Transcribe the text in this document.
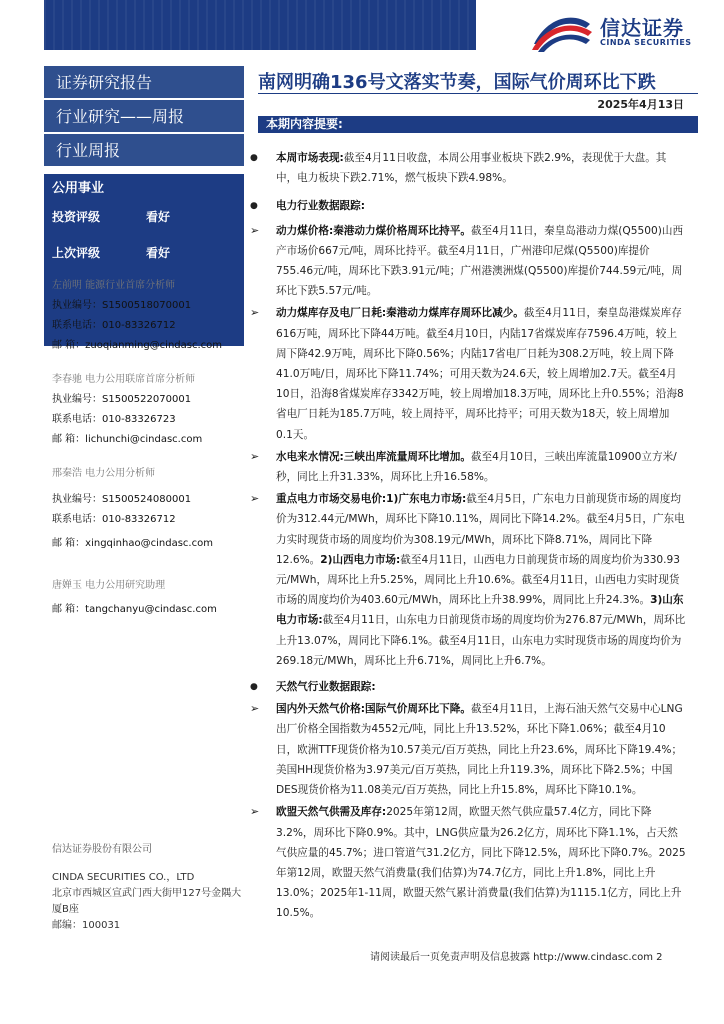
信达证券
CINDA SECURITIES
证券研究报告
行业研究——周报
行业周报
公用事业
投资评级	看好
上次评级	看好
左前明 能源行业首席分析师
执业编号：S1500518070001
联系电话：010-83326712
邮 箱：zuoqianming@cindasc.com
李春驰 电力公用联席首席分析师
执业编号：S1500522070001
联系电话：010-83326723
邮 箱：lichunchi@cindasc.com
邢秦浩 电力公用分析师
执业编号：S1500524080001
联系电话：010-83326712
邮 箱：xingqinhao@cindasc.com
唐婵玉 电力公用研究助理
邮 箱：tangchanyu@cindasc.com
信达证券股份有限公司
CINDA SECURITIES CO.，LTD
北京市西城区宣武门西大街甲127号金隅大厦B座
邮编：100031
南网明确136号文落实节奏，国际气价周环比下跌
2025年4月13日
本期内容提要:

● 本周市场表现:截至4月11日收盘，本周公用事业板块下跌2.9%，表现优于大盘。其中，电力板块下跌2.71%，燃气板块下跌4.98%。

● 电力行业数据跟踪:

➢ 动力煤价格:秦港动力煤价格周环比持平。截至4月11日，秦皇岛港动力煤(Q5500)山西产市场价667元/吨，周环比持平。截至4月11日，广州港印尼煤(Q5500)库提价755.46元/吨，周环比下跌3.91元/吨；广州港澳洲煤(Q5500)库提价744.59元/吨，周环比下跌5.57元/吨。

➢ 动力煤库存及电厂日耗:秦港动力煤库存周环比减少。截至4月11日，秦皇岛港煤炭库存616万吨，周环比下降44万吨。截至4月10日，内陆17省煤炭库存7596.4万吨，较上周下降42.9万吨，周环比下降0.56%；内陆17省电厂日耗为308.2万吨，较上周下降41.0万吨/日，周环比下降11.74%；可用天数为24.6天，较上周增加2.7天。截至4月10日，沿海8省煤炭库存3342万吨，较上周增加18.3万吨，周环比上升0.55%；沿海8省电厂日耗为185.7万吨，较上周持平，周环比持平；可用天数为18天，较上周增加0.1天。

➢ 水电来水情况:三峡出库流量周环比增加。截至4月10日，三峡出库流量10900立方米/秒，同比上升31.33%，周环比上升16.58%。

➢ 重点电力市场交易电价:1)广东电力市场:截至4月5日，广东电力日前现货市场的周度均价为312.44元/MWh，周环比下降10.11%，周同比下降14.2%。截至4月5日，广东电力实时现货市场的周度均价为308.19元/MWh，周环比下降8.71%，周同比下降12.6%。2)山西电力市场:截至4月11日，山西电力日前现货市场的周度均价为330.93元/MWh，周环比上升5.25%，周同比上升10.6%。截至4月11日，山西电力实时现货市场的周度均价为403.60元/MWh，周环比上升38.99%，周同比上升24.3%。3)山东电力市场:截至4月11日，山东电力日前现货市场的周度均价为276.87元/MWh，周环比上升13.07%，周同比下降6.1%。截至4月11日，山东电力实时现货市场的周度均价为269.18元/MWh，周环比上升6.71%，周同比上升6.7%。

● 天然气行业数据跟踪:

➢ 国内外天然气价格:国际气价周环比下降。截至4月11日，上海石油天然气交易中心LNG出厂价格全国指数为4552元/吨，同比上升13.52%，环比下降1.06%；截至4月10日，欧洲TTF现货价格为10.57美元/百万英热，同比上升23.6%，周环比下降19.4%；美国HH现货价格为3.97美元/百万英热，同比上升119.3%，周环比下降2.5%；中国DES现货价格为11.08美元/百万英热，同比上升15.8%，周环比下降10.1%。

➢ 欧盟天然气供需及库存:2025年第12周，欧盟天然气供应量57.4亿方，同比下降3.2%，周环比下降0.9%。其中，LNG供应量为26.2亿方，周环比下降1.1%，占天然气供应量的45.7%；进口管道气31.2亿方，同比下降12.5%，周环比下降0.7%。2025年第12周，欧盟天然气消费量(我们估算)为74.7亿方，同比上升1.8%，同比上升13.0%；2025年1-11周，欧盟天然气累计消费量(我们估算)为1115.1亿方，同比上升10.5%。

请阅读最后一页免责声明及信息披露 http://www.cindasc.com 2
